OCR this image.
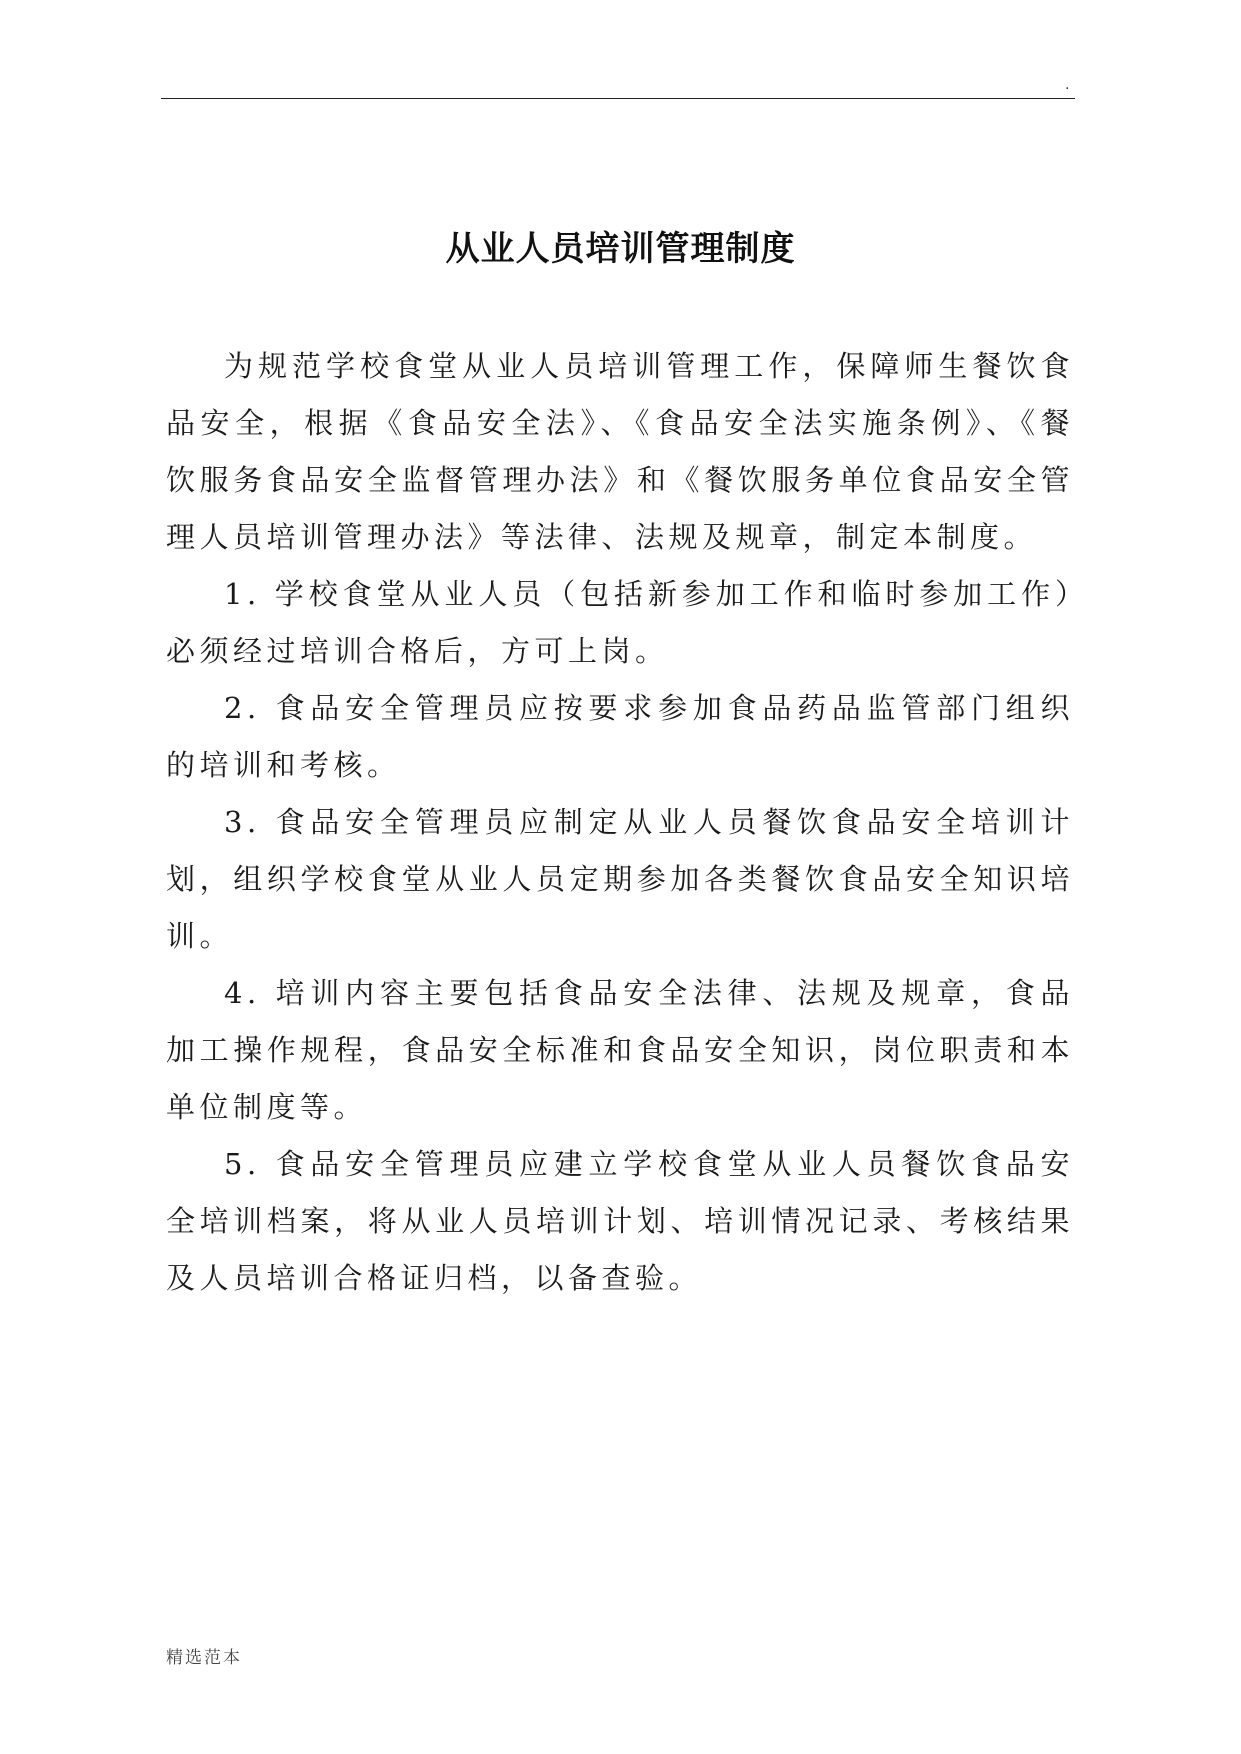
.
从业人员培训管理制度

为规范学校食堂从业人员培训管理工作，保障师生餐饮食品安全，根据《食品安全法》、《食品安全法实施条例》、《餐饮服务食品安全监督管理办法》和《餐饮服务单位食品安全管理人员培训管理办法》等法律、法规及规章，制定本制度。

1. 学校食堂从业人员（包括新参加工作和临时参加工作）必须经过培训合格后，方可上岗。

2. 食品安全管理员应按要求参加食品药品监管部门组织的培训和考核。

3. 食品安全管理员应制定从业人员餐饮食品安全培训计划，组织学校食堂从业人员定期参加各类餐饮食品安全知识培训。

4. 培训内容主要包括食品安全法律、法规及规章，食品加工操作规程，食品安全标准和食品安全知识，岗位职责和本单位制度等。

5. 食品安全管理员应建立学校食堂从业人员餐饮食品安全培训档案，将从业人员培训计划、培训情况记录、考核结果及人员培训合格证归档，以备查验。

精选范本
